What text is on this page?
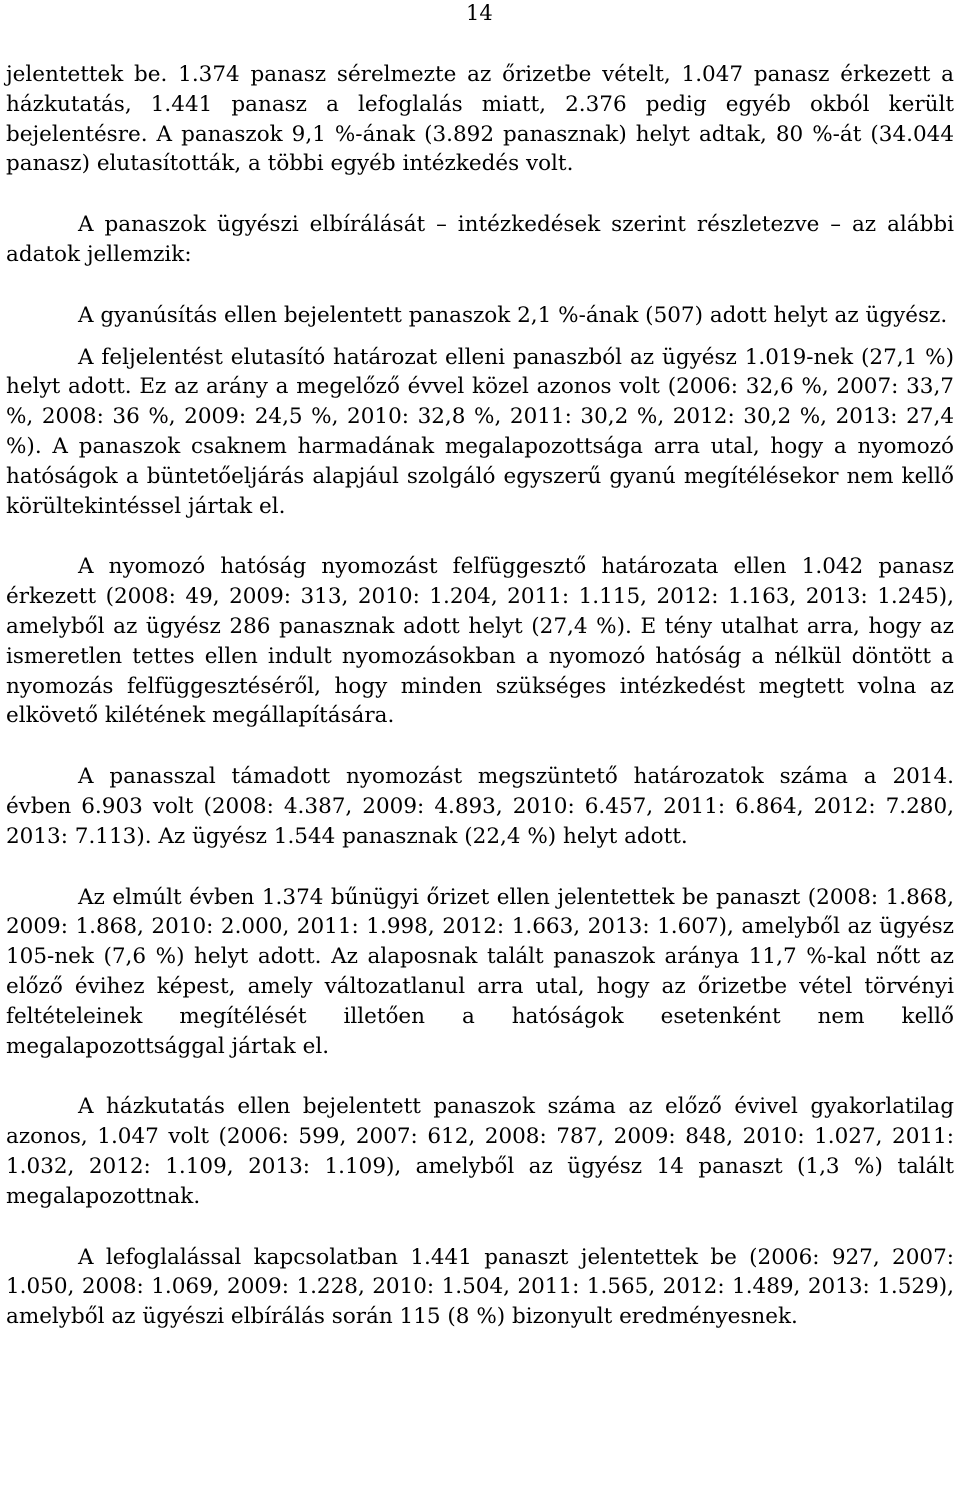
14

jelentettek be. 1.374 panasz sérelmezte az őrizetbe vételt, 1.047 panasz érkezett a házkutatás, 1.441 panasz a lefoglalás miatt, 2.376 pedig egyéb okból került bejelentésre. A panaszok 9,1 %-ának (3.892 panasznak) helyt adtak, 80 %-át (34.044 panasz) elutasították, a többi egyéb intézkedés volt.

A panaszok ügyészi elbírálását – intézkedések szerint részletezve – az alábbi adatok jellemzik:

A gyanúsítás ellen bejelentett panaszok 2,1 %-ának (507) adott helyt az ügyész.

A feljelentést elutasító határozat elleni panaszból az ügyész 1.019-nek (27,1 %) helyt adott. Ez az arány a megelőző évvel közel azonos volt (2006: 32,6 %, 2007: 33,7 %, 2008: 36 %, 2009: 24,5 %, 2010: 32,8 %, 2011: 30,2 %, 2012: 30,2 %, 2013: 27,4 %). A panaszok csaknem harmadának megalapozottsága arra utal, hogy a nyomozó hatóságok a büntetőeljárás alapjául szolgáló egyszerű gyanú megítélésekor nem kellő körültekintéssel jártak el.

A nyomozó hatóság nyomozást felfüggesztő határozata ellen 1.042 panasz érkezett (2008: 49, 2009: 313, 2010: 1.204, 2011: 1.115, 2012: 1.163, 2013: 1.245), amelyből az ügyész 286 panasznak adott helyt (27,4 %). E tény utalhat arra, hogy az ismeretlen tettes ellen indult nyomozásokban a nyomozó hatóság a nélkül döntött a nyomozás felfüggesztéséről, hogy minden szükséges intézkedést megtett volna az elkövető kilétének megállapítására.

A panasszal támadott nyomozást megszüntető határozatok száma a 2014. évben 6.903 volt (2008: 4.387, 2009: 4.893, 2010: 6.457, 2011: 6.864, 2012: 7.280, 2013: 7.113). Az ügyész 1.544 panasznak (22,4 %) helyt adott.

Az elmúlt évben 1.374 bűnügyi őrizet ellen jelentettek be panaszt (2008: 1.868, 2009: 1.868, 2010: 2.000, 2011: 1.998, 2012: 1.663, 2013: 1.607), amelyből az ügyész 105-nek (7,6 %) helyt adott. Az alaposnak talált panaszok aránya 11,7 %-kal nőtt az előző évihez képest, amely változatlanul arra utal, hogy az őrizetbe vétel törvényi feltételeinek megítélését illetően a hatóságok esetenként nem kellő megalapozottsággal jártak el.

A házkutatás ellen bejelentett panaszok száma az előző évivel gyakorlatilag azonos, 1.047 volt (2006: 599, 2007: 612, 2008: 787, 2009: 848, 2010: 1.027, 2011: 1.032, 2012: 1.109, 2013: 1.109), amelyből az ügyész 14 panaszt (1,3 %) talált megalapozottnak.

A lefoglalással kapcsolatban 1.441 panaszt jelentettek be (2006: 927, 2007: 1.050, 2008: 1.069, 2009: 1.228, 2010: 1.504, 2011: 1.565, 2012: 1.489, 2013: 1.529), amelyből az ügyészi elbírálás során 115 (8 %) bizonyult eredményesnek.
